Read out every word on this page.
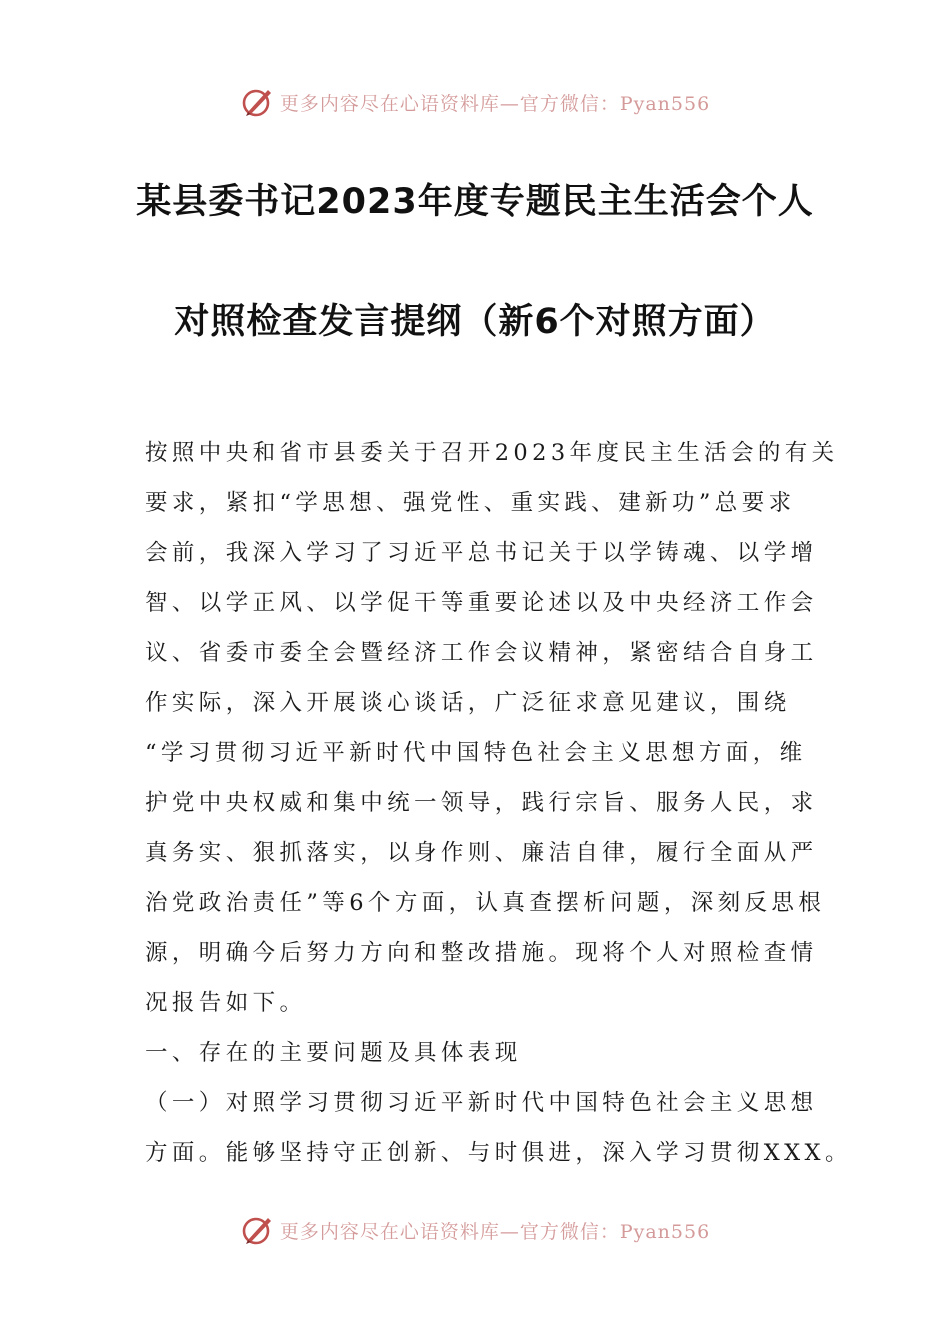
更多内容尽在心语资料库—官方微信：Pyan556
某县委书记2023年度专题民主生活会个人
对照检查发言提纲（新6个对照方面）
按照中央和省市县委关于召开2023年度民主生活会的有关
要求，紧扣“学思想、强党性、重实践、建新功”总要求
会前，我深入学习了习近平总书记关于以学铸魂、以学增
智、以学正风、以学促干等重要论述以及中央经济工作会
议、省委市委全会暨经济工作会议精神，紧密结合自身工
作实际，深入开展谈心谈话，广泛征求意见建议，围绕
“学习贯彻习近平新时代中国特色社会主义思想方面，维
护党中央权威和集中统一领导，践行宗旨、服务人民，求
真务实、狠抓落实，以身作则、廉洁自律，履行全面从严
治党政治责任”等6个方面，认真查摆析问题，深刻反思根
源，明确今后努力方向和整改措施。现将个人对照检查情
况报告如下。
一、存在的主要问题及具体表现
（一）对照学习贯彻习近平新时代中国特色社会主义思想
方面。能够坚持守正创新、与时俱进，深入学习贯彻XXX。
更多内容尽在心语资料库—官方微信：Pyan556
